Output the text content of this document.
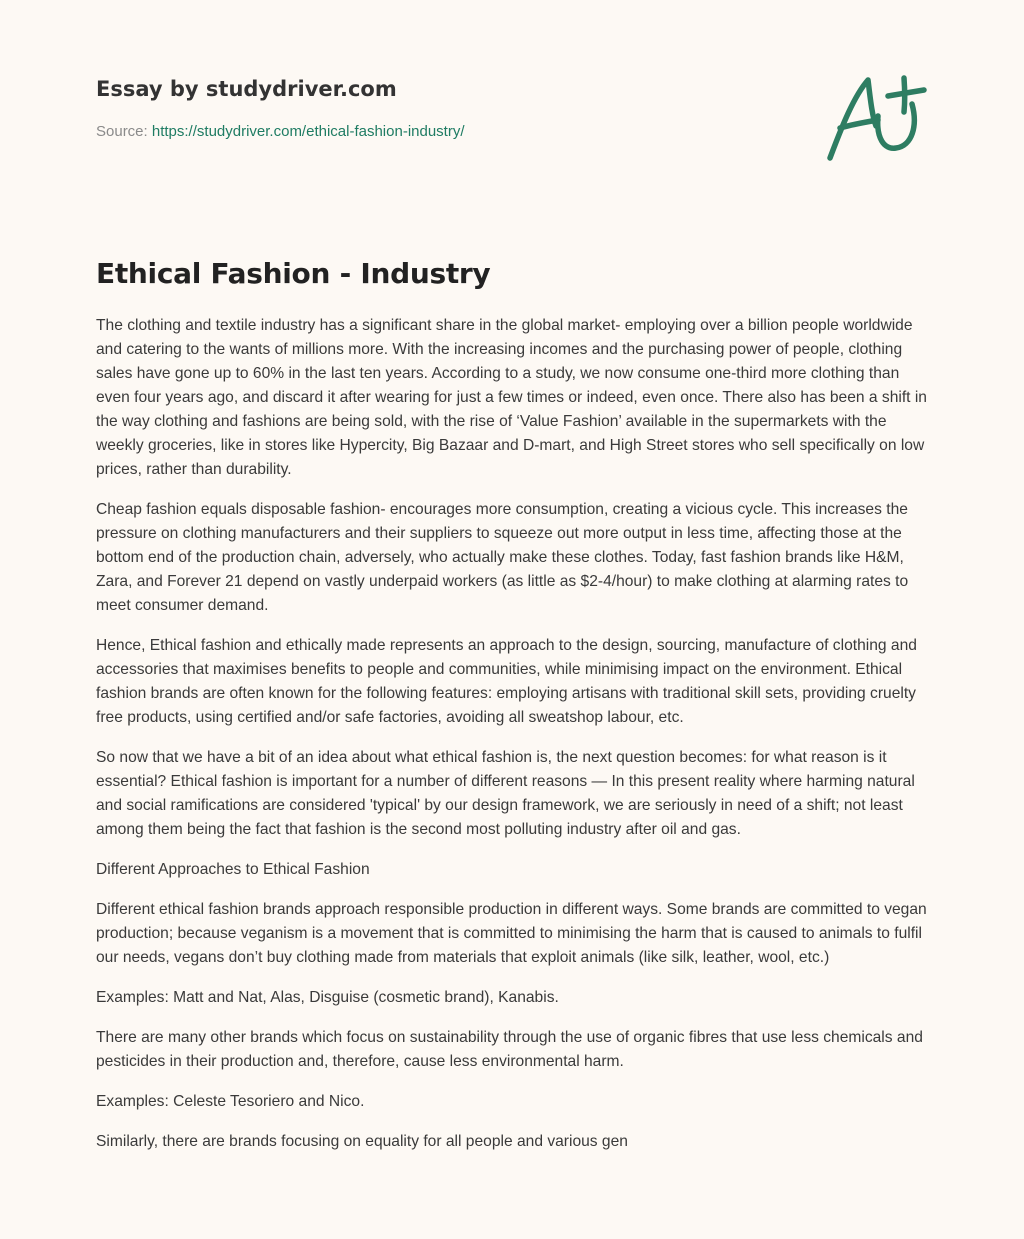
Essay by studydriver.com
Source: https://studydriver.com/ethical-fashion-industry/
Ethical Fashion - Industry

The clothing and textile industry has a significant share in the global market- employing over a billion people worldwide and catering to the wants of millions more. With the increasing incomes and the purchasing power of people, clothing sales have gone up to 60% in the last ten years. According to a study, we now consume one-third more clothing than even four years ago, and discard it after wearing for just a few times or indeed, even once. There also has been a shift in the way clothing and fashions are being sold, with the rise of ‘Value Fashion’ available in the supermarkets with the weekly groceries, like in stores like Hypercity, Big Bazaar and D-mart, and High Street stores who sell specifically on low prices, rather than durability.

Cheap fashion equals disposable fashion- encourages more consumption, creating a vicious cycle. This increases the pressure on clothing manufacturers and their suppliers to squeeze out more output in less time, affecting those at the bottom end of the production chain, adversely, who actually make these clothes. Today, fast fashion brands like H&M, Zara, and Forever 21 depend on vastly underpaid workers (as little as $2-4/hour) to make clothing at alarming rates to meet consumer demand.

Hence, Ethical fashion and ethically made represents an approach to the design, sourcing, manufacture of clothing and accessories that maximises benefits to people and communities, while minimising impact on the environment. Ethical fashion brands are often known for the following features: employing artisans with traditional skill sets, providing cruelty free products, using certified and/or safe factories, avoiding all sweatshop labour, etc.

So now that we have a bit of an idea about what ethical fashion is, the next question becomes: for what reason is it essential? Ethical fashion is important for a number of different reasons — In this present reality where harming natural and social ramifications are considered 'typical' by our design framework, we are seriously in need of a shift; not least among them being the fact that fashion is the second most polluting industry after oil and gas.

Different Approaches to Ethical Fashion

Different ethical fashion brands approach responsible production in different ways. Some brands are committed to vegan production; because veganism is a movement that is committed to minimising the harm that is caused to animals to fulfil our needs, vegans don’t buy clothing made from materials that exploit animals (like silk, leather, wool, etc.)

Examples: Matt and Nat, Alas, Disguise (cosmetic brand), Kanabis.

There are many other brands which focus on sustainability through the use of organic fibres that use less chemicals and pesticides in their production and, therefore, cause less environmental harm.

Examples: Celeste Tesoriero and Nico.

Similarly, there are brands focusing on equality for all people and various gen
